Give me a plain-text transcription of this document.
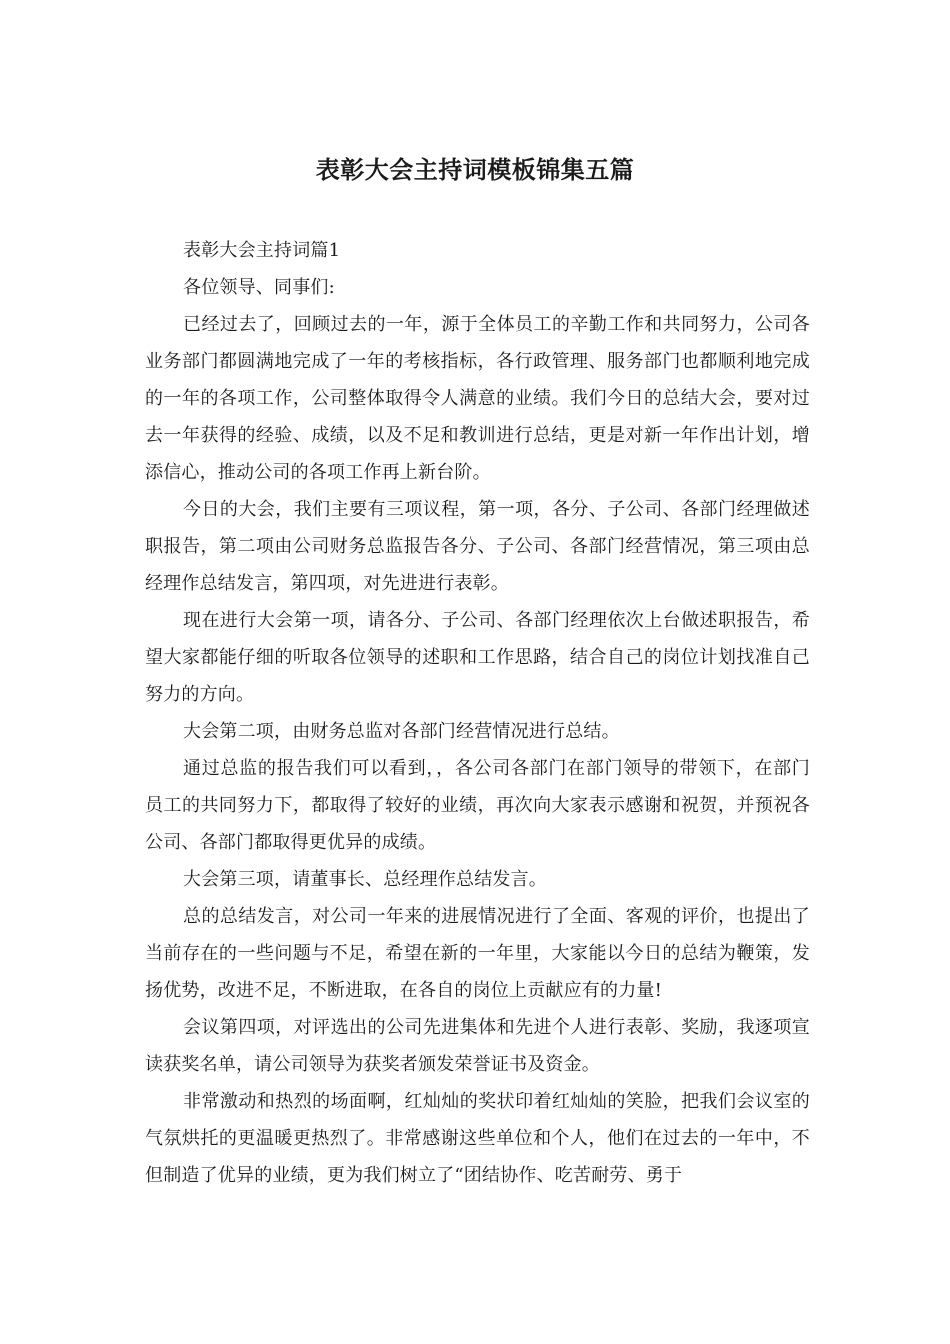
表彰大会主持词模板锦集五篇

表彰大会主持词篇1

各位领导、同事们:

已经过去了，回顾过去的一年，源于全体员工的辛勤工作和共同努力，公司各业务部门都圆满地完成了一年的考核指标，各行政管理、服务部门也都顺利地完成的一年的各项工作，公司整体取得令人满意的业绩。我们今日的总结大会，要对过去一年获得的经验、成绩，以及不足和教训进行总结，更是对新一年作出计划，增添信心，推动公司的各项工作再上新台阶。

今日的大会，我们主要有三项议程，第一项，各分、子公司、各部门经理做述职报告，第二项由公司财务总监报告各分、子公司、各部门经营情况，第三项由总经理作总结发言，第四项，对先进进行表彰。

现在进行大会第一项，请各分、子公司、各部门经理依次上台做述职报告，希望大家都能仔细的听取各位领导的述职和工作思路，结合自己的岗位计划找准自己努力的方向。

大会第二项，由财务总监对各部门经营情况进行总结。

通过总监的报告我们可以看到，，各公司各部门在部门领导的带领下，在部门员工的共同努力下，都取得了较好的业绩，再次向大家表示感谢和祝贺，并预祝各公司、各部门都取得更优异的成绩。

大会第三项，请董事长、总经理作总结发言。

总的总结发言，对公司一年来的进展情况进行了全面、客观的评价，也提出了当前存在的一些问题与不足，希望在新的一年里，大家能以今日的总结为鞭策，发扬优势，改进不足，不断进取，在各自的岗位上贡献应有的力量!

会议第四项，对评选出的公司先进集体和先进个人进行表彰、奖励，我逐项宣读获奖名单，请公司领导为获奖者颁发荣誉证书及资金。

非常激动和热烈的场面啊，红灿灿的奖状印着红灿灿的笑脸，把我们会议室的气氛烘托的更温暖更热烈了。非常感谢这些单位和个人，他们在过去的一年中，不但制造了优异的业绩，更为我们树立了“团结协作、吃苦耐劳、勇于
